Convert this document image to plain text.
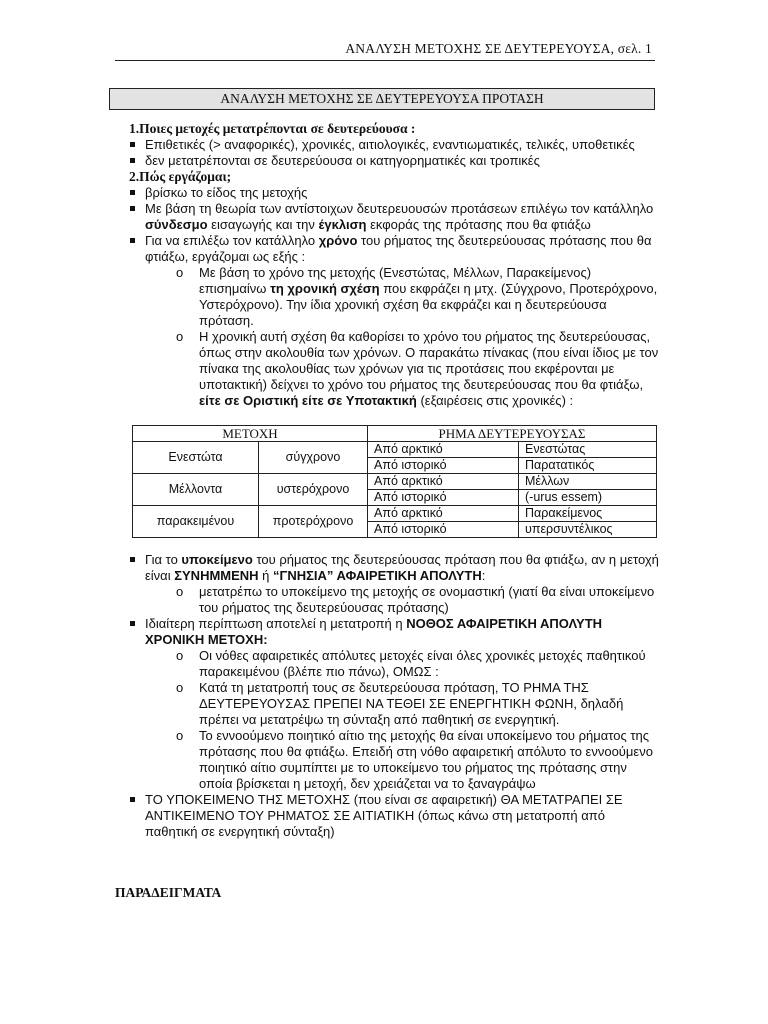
ΑΝΑΛΥΣΗ ΜΕΤΟΧΗΣ ΣΕ ΔΕΥΤΕΡΕΥΟΥΣΑ, σελ. 1
ΑΝΑΛΥΣΗ ΜΕΤΟΧΗΣ ΣΕ ΔΕΥΤΕΡΕΥΟΥΣΑ ΠΡΟΤΑΣΗ
1.Ποιες μετοχές μετατρέπονται σε δευτερεύουσα :
Επιθετικές (> αναφορικές), χρονικές, αιτιολογικές, εναντιωματικές, τελικές, υποθετικές
δεν μετατρέπονται σε δευτερεύουσα οι κατηγορηματικές και τροπικές
2.Πώς εργάζομαι;
βρίσκω το είδος της μετοχής
Με βάση τη θεωρία των αντίστοιχων δευτερευουσών προτάσεων επιλέγω τον κατάλληλο σύνδεσμο εισαγωγής και την έγκλιση εκφοράς της πρότασης που θα φτιάξω
Για να επιλέξω τον κατάλληλο χρόνο του ρήματος της δευτερεύουσας πρότασης που θα φτιάξω, εργάζομαι ως εξής :
o Με βάση το χρόνο της μετοχής (Ενεστώτας, Μέλλων, Παρακείμενος) επισημαίνω τη χρονική σχέση που εκφράζει η μτχ. (Σύγχρονο, Προτερόχρονο, Υστερόχρονο). Την ίδια χρονική σχέση θα εκφράζει και η δευτερεύουσα πρόταση.
o Η χρονική αυτή σχέση θα καθορίσει το χρόνο του ρήματος της δευτερεύουσας, όπως στην ακολουθία των χρόνων. Ο παρακάτω πίνακας (που είναι ίδιος με τον πίνακα της ακολουθίας των χρόνων για τις προτάσεις που εκφέρονται με υποτακτική) δείχνει το χρόνο του ρήματος της δευτερεύουσας που θα φτιάξω, είτε σε Οριστική είτε σε Υποτακτική (εξαιρέσεις στις χρονικές) :
ΜΕΤΟΧΗ		ΡΗΜΑ ΔΕΥΤΕΡΕΥΟΥΣΑΣ	
Ενεστώτα	σύγχρονο	Από αρκτικό	Ενεστώτας
		Από ιστορικό	Παρατατικός
Μέλλοντα	υστερόχρονο	Από αρκτικό	Μέλλων
		Από ιστορικό	(-urus essem)
παρακειμένου	προτερόχρονο	Από αρκτικό	Παρακείμενος
		Από ιστορικό	υπερσυντέλικος
Για το υποκείμενο του ρήματος της δευτερεύουσας πρόταση που θα φτιάξω, αν η μετοχή είναι ΣΥΝΗΜΜΕΝΗ ή “ΓΝΗΣΙΑ” ΑΦΑΙΡΕΤΙΚΗ ΑΠΟΛΥΤΗ:
o μετατρέπω το υποκείμενο της μετοχής σε ονομαστική (γιατί θα είναι υποκείμενο του ρήματος της δευτερεύουσας πρότασης)
Ιδιαίτερη περίπτωση αποτελεί η μετατροπή η ΝΟΘΟΣ ΑΦΑΙΡΕΤΙΚΗ ΑΠΟΛΥΤΗ ΧΡΟΝΙΚΗ ΜΕΤΟΧΗ:
o Οι νόθες αφαιρετικές απόλυτες μετοχές είναι όλες χρονικές μετοχές παθητικού παρακειμένου (βλέπε πιο πάνω), ΟΜΩΣ :
o Κατά τη μετατροπή τους σε δευτερεύουσα πρόταση, ΤΟ ΡΗΜΑ ΤΗΣ ΔΕΥΤΕΡΕΥΟΥΣΑΣ ΠΡΕΠΕΙ ΝΑ ΤΕΘΕΙ ΣΕ ΕΝΕΡΓΗΤΙΚΗ ΦΩΝΗ, δηλαδή πρέπει να μετατρέψω τη σύνταξη από παθητική σε ενεργητική.
o Το εννοούμενο ποιητικό αίτιο της μετοχής θα είναι υποκείμενο του ρήματος της πρότασης που θα φτιάξω. Επειδή στη νόθο αφαιρετική απόλυτο το εννοούμενο ποιητικό αίτιο συμπίπτει με το υποκείμενο του ρήματος της πρότασης στην οποία βρίσκεται η μετοχή, δεν χρειάζεται να το ξαναγράψω
ΤΟ ΥΠΟΚΕΙΜΕΝΟ ΤΗΣ ΜΕΤΟΧΗΣ (που είναι σε αφαιρετική) ΘΑ ΜΕΤΑΤΡΑΠΕΙ ΣΕ ΑΝΤΙΚΕΙΜΕΝΟ ΤΟΥ ΡΗΜΑΤΟΣ ΣΕ ΑΙΤΙΑΤΙΚΗ (όπως κάνω στη μετατροπή από παθητική σε ενεργητική σύνταξη)
ΠΑΡΑΔΕΙΓΜΑΤΑ
